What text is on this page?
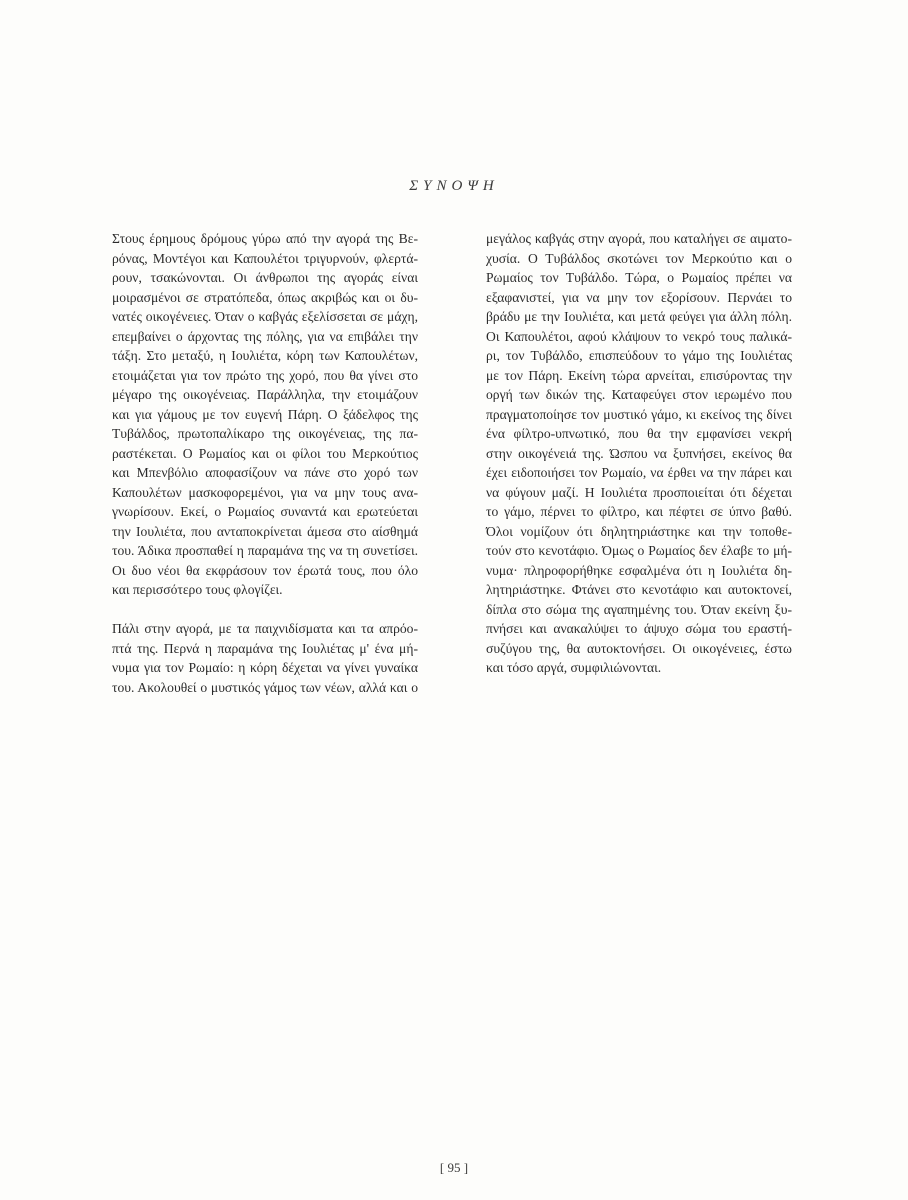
ΣΥΝΟΨΗ
Στους έρημους δρόμους γύρω από την αγορά της Βε-
ρόνας, Μοντέγοι και Καπουλέτοι τριγυρνούν, φλερτά-
ρουν, τσακώνονται. Οι άνθρωποι της αγοράς είναι
μοιρασμένοι σε στρατόπεδα, όπως ακριβώς και οι δυ-
νατές οικογένειες. Όταν ο καβγάς εξελίσσεται σε μάχη,
επεμβαίνει ο άρχοντας της πόλης, για να επιβάλει την
τάξη. Στο μεταξύ, η Ιουλιέτα, κόρη των Καπουλέτων,
ετοιμάζεται για τον πρώτο της χορό, που θα γίνει στο
μέγαρο της οικογένειας. Παράλληλα, την ετοιμάζουν
και για γάμους με τον ευγενή Πάρη. Ο ξάδελφος της
Τυβάλδος, πρωτοπαλίκαρο της οικογένειας, της πα-
ραστέκεται. Ο Ρωμαίος και οι φίλοι του Μερκούτιος
και Μπενβόλιο αποφασίζουν να πάνε στο χορό των
Καπουλέτων μασκοφορεμένοι, για να μην τους ανα-
γνωρίσουν. Εκεί, ο Ρωμαίος συναντά και ερωτεύεται
την Ιουλιέτα, που ανταποκρίνεται άμεσα στο αίσθημά
του. Άδικα προσπαθεί η παραμάνα της να τη συνετίσει.
Οι δυο νέοι θα εκφράσουν τον έρωτά τους, που όλο
και περισσότερο τους φλογίζει.
Πάλι στην αγορά, με τα παιχνιδίσματα και τα απρόο-
πτά της. Περνά η παραμάνα της Ιουλιέτας μ' ένα μή-
νυμα για τον Ρωμαίο: η κόρη δέχεται να γίνει γυναίκα
του. Ακολουθεί ο μυστικός γάμος των νέων, αλλά και ο
μεγάλος καβγάς στην αγορά, που καταλήγει σε αιματο-
χυσία. Ο Τυβάλδος σκοτώνει τον Μερκούτιο και ο
Ρωμαίος τον Τυβάλδο. Τώρα, ο Ρωμαίος πρέπει να
εξαφανιστεί, για να μην τον εξορίσουν. Περνάει το
βράδυ με την Ιουλιέτα, και μετά φεύγει για άλλη πόλη.
Οι Καπουλέτοι, αφού κλάψουν το νεκρό τους παλικά-
ρι, τον Τυβάλδο, επισπεύδουν το γάμο της Ιουλιέτας
με τον Πάρη. Εκείνη τώρα αρνείται, επισύροντας την
οργή των δικών της. Καταφεύγει στον ιερωμένο που
πραγματοποίησε τον μυστικό γάμο, κι εκείνος της δίνει
ένα φίλτρο-υπνωτικό, που θα την εμφανίσει νεκρή
στην οικογένειά της. Ώσπου να ξυπνήσει, εκείνος θα
έχει ειδοποιήσει τον Ρωμαίο, να έρθει να την πάρει και
να φύγουν μαζί. Η Ιουλιέτα προσποιείται ότι δέχεται
το γάμο, πέρνει το φίλτρο, και πέφτει σε ύπνο βαθύ.
Όλοι νομίζουν ότι δηλητηριάστηκε και την τοποθε-
τούν στο κενοτάφιο. Όμως ο Ρωμαίος δεν έλαβε το μή-
νυμα· πληροφορήθηκε εσφαλμένα ότι η Ιουλιέτα δη-
λητηριάστηκε. Φτάνει στο κενοτάφιο και αυτοκτονεί,
δίπλα στο σώμα της αγαπημένης του. Όταν εκείνη ξυ-
πνήσει και ανακαλύψει το άψυχο σώμα του εραστή-
συζύγου της, θα αυτοκτονήσει. Οι οικογένειες, έστω
και τόσο αργά, συμφιλιώνονται.
[ 95 ]
